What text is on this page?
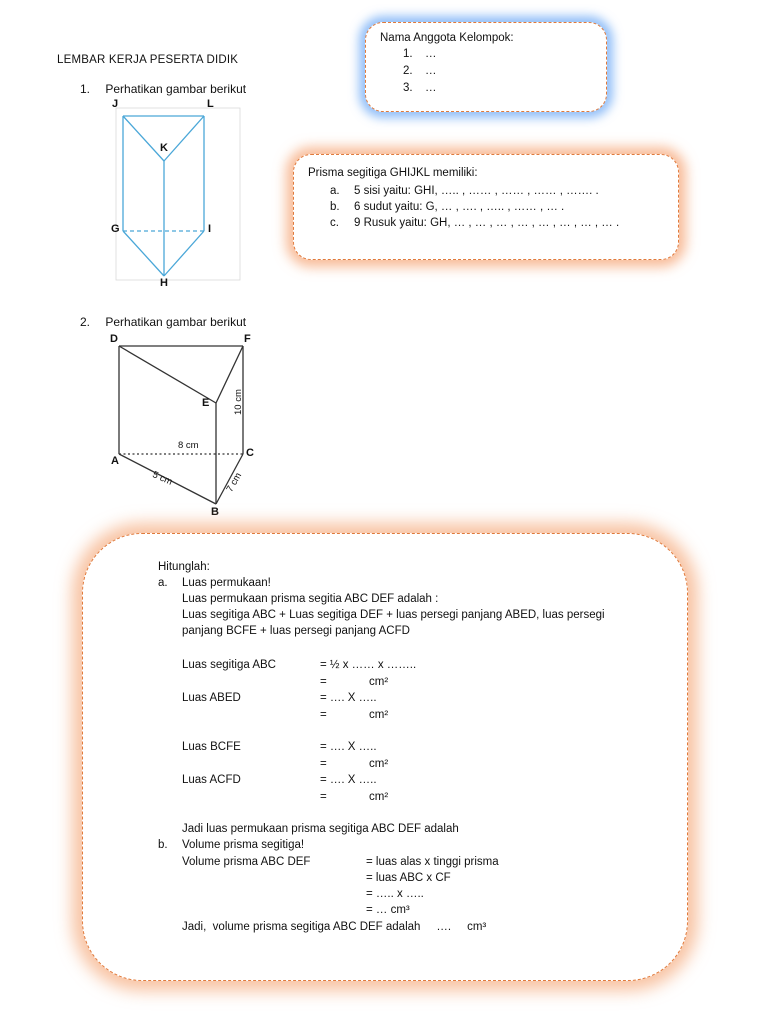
LEMBAR KERJA PESERTA DIDIK
1. Perhatikan gambar berikut
2. Perhatikan gambar berikut
Nama Anggota Kelompok:
1. …
2. …
3. …
Prisma segitiga GHIJKL memiliki:
a. 5 sisi yaitu: GHI, ….. , …… , …… , …… , ……. .
b. 6 sudut yaitu: G, … , …. , ….. , …… , … .
c. 9 Rusuk yaitu: GH, … , … , … , … , … , … , … , … .
J	L
K
G	I
H
D	F
E
A
C
B
10 cm
8 cm
5 cm	7 cm
Hitunglah:
a. Luas permukaan!
Luas permukaan prisma segitia ABC DEF adalah :
Luas segitiga ABC + Luas segitiga DEF + luas persegi panjang ABED, luas persegi
panjang BCFE + luas persegi panjang ACFD
Luas segitiga ABC	= ½ x …… x ……..
=	cm²
Luas ABED	= …. X …..
=	cm²
Luas BCFE	= …. X …..
=	cm²
Luas ACFD	= …. X …..
=	cm²
Jadi luas permukaan prisma segitiga ABC DEF adalah
b. Volume prisma segitiga!
Volume prisma ABC DEF	= luas alas x tinggi prisma
= luas ABC x CF
= ….. x …..
= … cm³
Jadi,  volume prisma segitiga ABC DEF adalah     ….     cm³
